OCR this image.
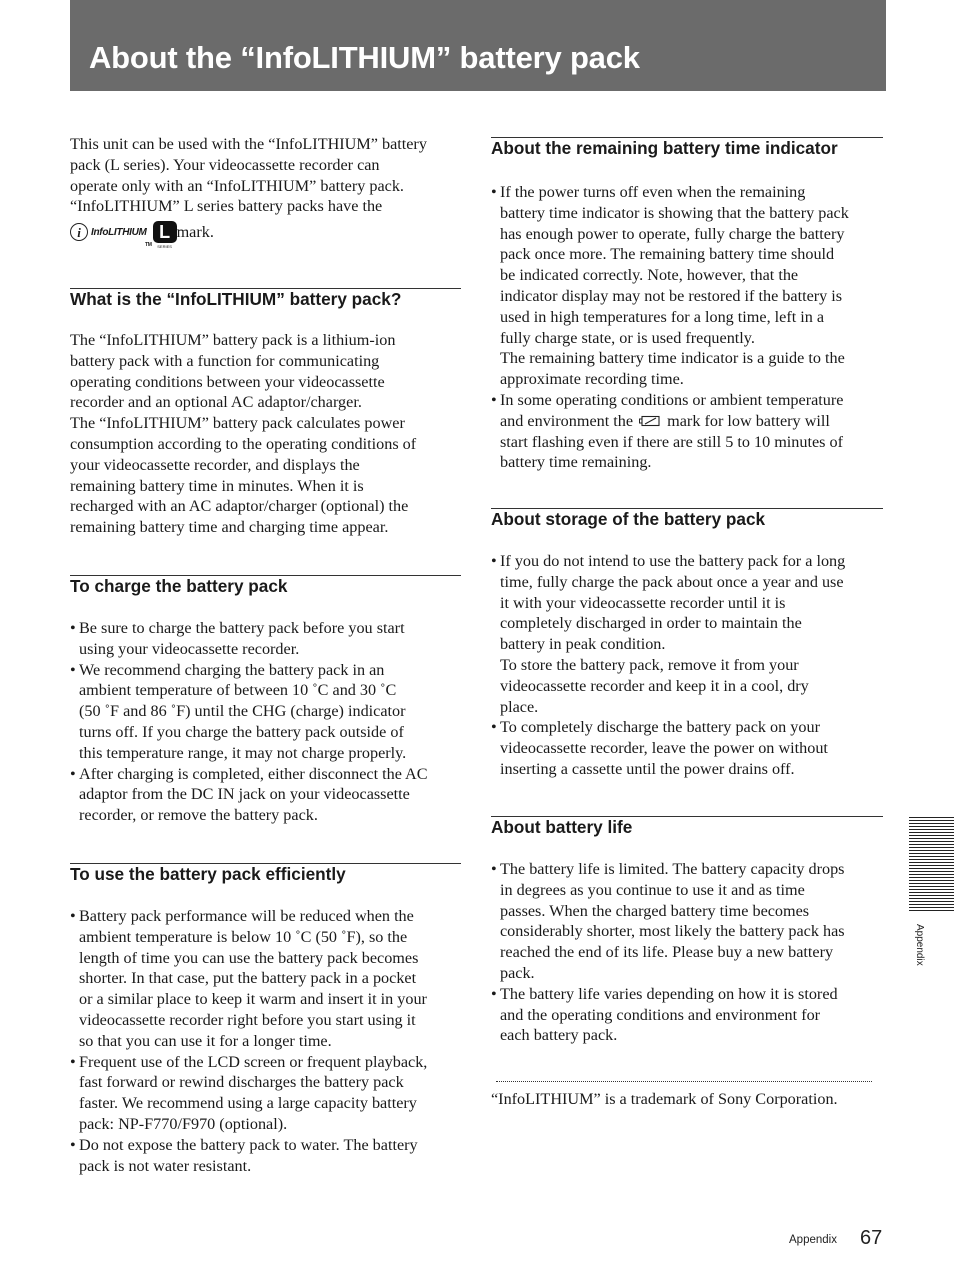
About the “InfoLITHIUM” battery pack

This unit can be used with the “InfoLITHIUM” battery
pack (L series). Your videocassette recorder can
operate only with an “InfoLITHIUM” battery pack.
“InfoLITHIUM” L series battery packs have the

i	InfoLITHIUM
TM
L
SERIES
mark.
What is the “InfoLITHIUM” battery pack?

The “InfoLITHIUM” battery pack is a lithium-ion
battery pack with a function for communicating
operating conditions between your videocassette
recorder and an optional AC adaptor/charger.
The “InfoLITHIUM” battery pack calculates power
consumption according to the operating conditions of
your videocassette recorder, and displays the
remaining battery time in minutes. When it is
recharged with an AC adaptor/charger (optional) the
remaining battery time and charging time appear.

To charge the battery pack
• Be sure to charge the battery pack before you start
using your videocassette recorder.
• We recommend charging the battery pack in an
ambient temperature of between 10 ˚C and 30 ˚C
(50 ˚F and 86 ˚F) until the CHG (charge) indicator
turns off. If you charge the battery pack outside of
this temperature range, it may not charge properly.
• After charging is completed, either disconnect the AC
adaptor from the DC IN jack on your videocassette
recorder, or remove the battery pack.
To use the battery pack efficiently
• Battery pack performance will be reduced when the
ambient temperature is below 10 ˚C (50 ˚F), so the
length of time you can use the battery pack becomes
shorter. In that case, put the battery pack in a pocket
or a similar place to keep it warm and insert it in your
videocassette recorder right before you start using it
so that you can use it for a longer time.
• Frequent use of the LCD screen or frequent playback,
fast forward or rewind discharges the battery pack
faster. We recommend using a large capacity battery
pack: NP-F770/F970 (optional).
• Do not expose the battery pack to water. The battery
pack is not water resistant.
About the remaining battery time indicator
• If the power turns off even when the remaining
battery time indicator is showing that the battery pack
has enough power to operate, fully charge the battery
pack once more. The remaining battery time should
be indicated correctly. Note, however, that the
indicator display may not be restored if the battery is
used in high temperatures for a long time, left in a
fully charge state, or is used frequently.
The remaining battery time indicator is a guide to the
approximate recording time.
• In some operating conditions or ambient temperature
and environment the  mark for low battery will
start flashing even if there are still 5 to 10 minutes of
battery time remaining.
About storage of the battery pack
• If you do not intend to use the battery pack for a long
time, fully charge the pack about once a year and use
it with your videocassette recorder until it is
completely discharged in order to maintain the
battery in peak condition.
To store the battery pack, remove it from your
videocassette recorder and keep it in a cool, dry
place.
• To completely discharge the battery pack on your
videocassette recorder, leave the power on without
inserting a cassette until the power drains off.
About battery life
• The battery life is limited. The battery capacity drops
in degrees as you continue to use it and as time
passes. When the charged battery time becomes
considerably shorter, most likely the battery pack has
reached the end of its life. Please buy a new battery
pack.
• The battery life varies depending on how it is stored
and the operating conditions and environment for
each battery pack.

“InfoLITHIUM” is a trademark of Sony Corporation.

Appendix
Appendix 67
